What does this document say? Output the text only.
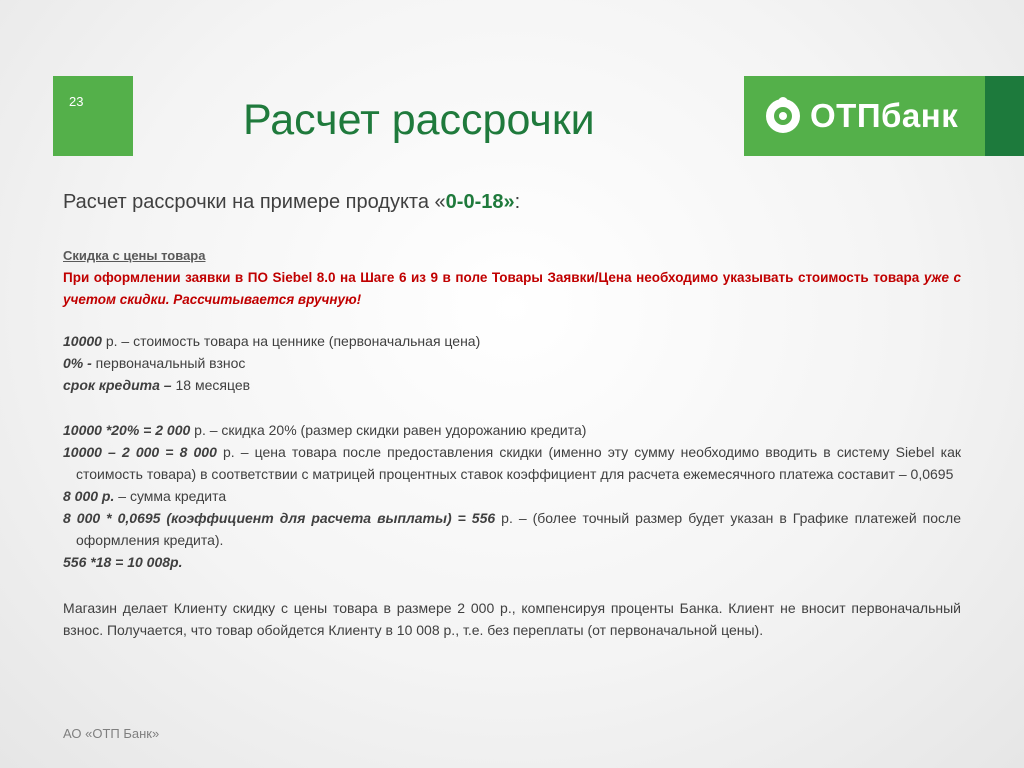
23	Расчет рассрочки	ОТПбанк
Расчет рассрочки на примере продукта «0-0-18»:
Скидка с цены товара
При оформлении заявки в ПО Siebel 8.0 на Шаге 6 из 9 в поле Товары Заявки/Цена необходимо указывать стоимость товара уже с учетом скидки. Рассчитывается вручную!
10000 р. – стоимость товара на ценнике (первоначальная цена)
0% - первоначальный взнос
срок кредита – 18 месяцев
10000 *20% = 2 000 р. – скидка 20% (размер скидки равен удорожанию кредита)
10000 – 2 000 = 8 000 р. – цена товара после предоставления скидки (именно эту сумму необходимо вводить в систему Siebel как стоимость товара) в соответствии с матрицей процентных ставок коэффициент для расчета ежемесячного платежа составит – 0,0695
8 000 р. – сумма кредита
8 000 * 0,0695 (коэффициент для расчета выплаты) = 556 р. – (более точный размер будет указан в Графике платежей после оформления кредита).
556 *18 = 10 008р.
Магазин делает Клиенту скидку с цены товара в размере 2 000 р., компенсируя проценты Банка. Клиент не вносит первоначальный взнос. Получается, что товар обойдется Клиенту в 10 008 р., т.е. без переплаты (от первоначальной цены).
АО «ОТП Банк»
